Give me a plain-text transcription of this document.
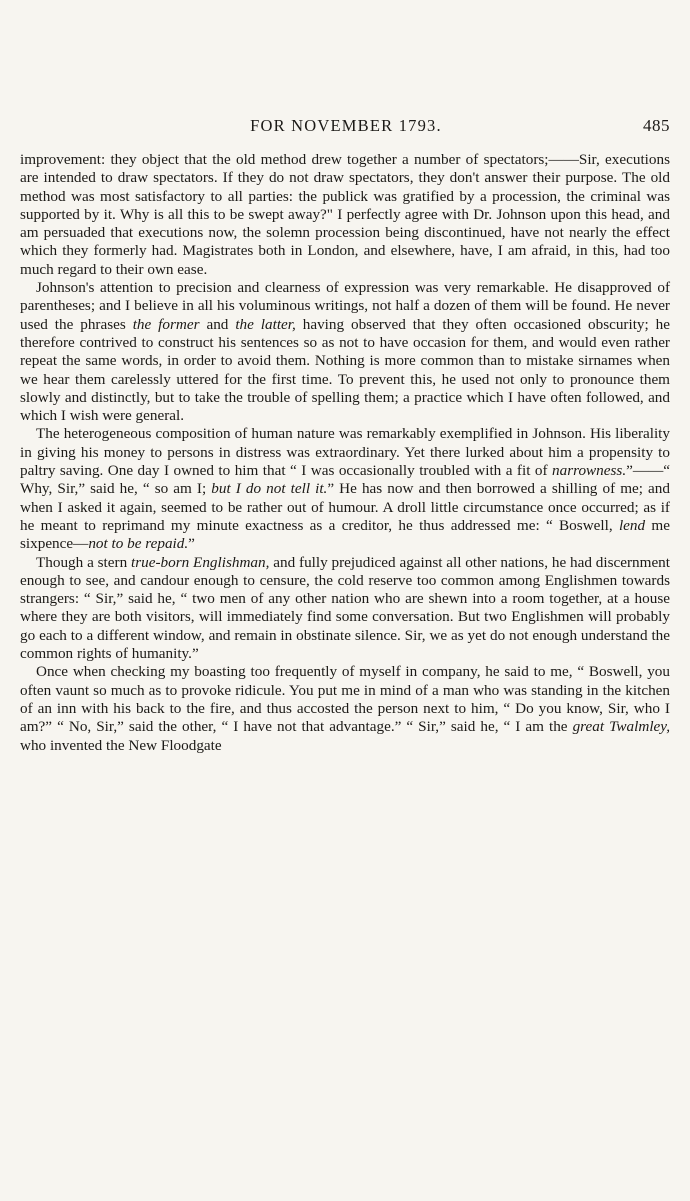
FOR NOVEMBER 1793.	485

improvement: they object that the old method drew together a number of spectators;——Sir, executions are intended to draw spectators. If they do not draw spectators, they don't answer their purpose. The old method was most satisfactory to all parties: the publick was gratified by a procession, the criminal was supported by it. Why is all this to be swept away?" I perfectly agree with Dr. Johnson upon this head, and am persuaded that executions now, the solemn procession being discontinued, have not nearly the effect which they formerly had. Magistrates both in London, and elsewhere, have, I am afraid, in this, had too much regard to their own ease.

Johnson's attention to precision and clearness of expression was very remarkable. He disapproved of parentheses; and I believe in all his voluminous writings, not half a dozen of them will be found. He never used the phrases the former and the latter, having observed that they often occasioned obscurity; he therefore contrived to construct his sentences so as not to have occasion for them, and would even rather repeat the same words, in order to avoid them. Nothing is more common than to mistake sirnames when we hear them carelessly uttered for the first time. To prevent this, he used not only to pronounce them slowly and distinctly, but to take the trouble of spelling them; a practice which I have often followed, and which I wish were general.

The heterogeneous composition of human nature was remarkably exemplified in Johnson. His liberality in giving his money to persons in distress was extraordinary. Yet there lurked about him a propensity to paltry saving. One day I owned to him that “ I was occasionally troubled with a fit of narrowness.”——“ Why, Sir,” said he, “ so am I; but I do not tell it.” He has now and then borrowed a shilling of me; and when I asked it again, seemed to be rather out of humour. A droll little circumstance once occurred; as if he meant to reprimand my minute exactness as a creditor, he thus addressed me: “ Boswell, lend me sixpence—not to be repaid.”

Though a stern true-born Englishman, and fully prejudiced against all other nations, he had discernment enough to see, and candour enough to censure, the cold reserve too common among Englishmen towards strangers: “ Sir,” said he, “ two men of any other nation who are shewn into a room together, at a house where they are both visitors, will immediately find some conversation. But two Englishmen will probably go each to a different window, and remain in obstinate silence. Sir, we as yet do not enough understand the common rights of humanity.”

Once when checking my boasting too frequently of myself in company, he said to me, “ Boswell, you often vaunt so much as to provoke ridicule. You put me in mind of a man who was standing in the kitchen of an inn with his back to the fire, and thus accosted the person next to him, “ Do you know, Sir, who I am?” “ No, Sir,” said the other, “ I have not that advantage.” “ Sir,” said he, “ I am the great Twalmley, who invented the New Floodgate
